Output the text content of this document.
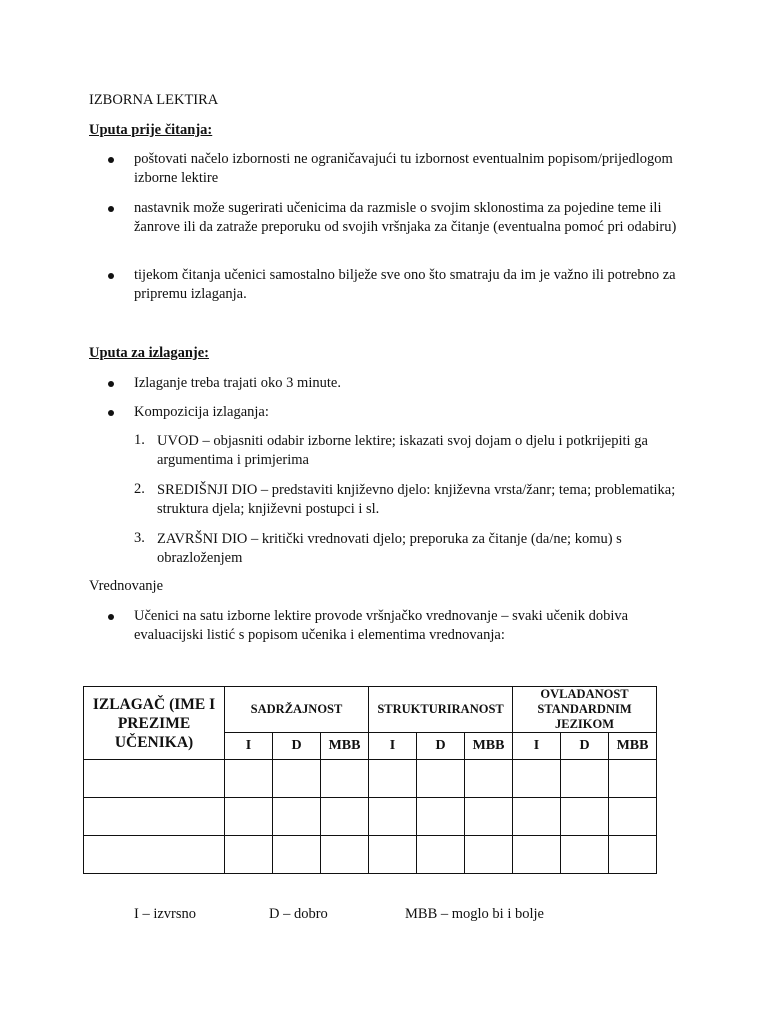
IZBORNA LEKTIRA
Uputa prije čitanja:
poštovati načelo izbornosti ne ograničavajući tu izbornost eventualnim popisom/prijedlogom izborne lektire
nastavnik može sugerirati učenicima da razmisle o svojim sklonostima za pojedine teme ili žanrove ili da zatraže preporuku od svojih vršnjaka za čitanje (eventualna pomoć pri odabiru)
tijekom čitanja učenici samostalno bilježe sve ono što smatraju da im je važno ili potrebno za pripremu izlaganja.
Uputa za izlaganje:
Izlaganje treba trajati oko 3 minute.
Kompozicija izlaganja:
1. UVOD – objasniti odabir izborne lektire; iskazati svoj dojam o djelu i potkrijepiti ga argumentima i primjerima
2. SREDIŠNJI DIO – predstaviti književno djelo: književna vrsta/žanr; tema; problematika; struktura djela; književni postupci i sl.
3. ZAVRŠNI DIO – kritički vrednovati djelo; preporuka za čitanje (da/ne; komu) s obrazloženjem
Vrednovanje
Učenici na satu izborne lektire provode vršnjačko vrednovanje – svaki učenik dobiva evaluacijski listić s popisom učenika i elementima vrednovanja:
IZLAGAČ (IME I PREZIME UČENIKA)	SADRŽAJNOST			STRUKTURIRANOST			OVLADANOST STANDARDNIM JEZIKOM		
	I	D	MBB	I	D	MBB	I	D	MBB

I – izvrsno	D – dobro	MBB – moglo bi i bolje
